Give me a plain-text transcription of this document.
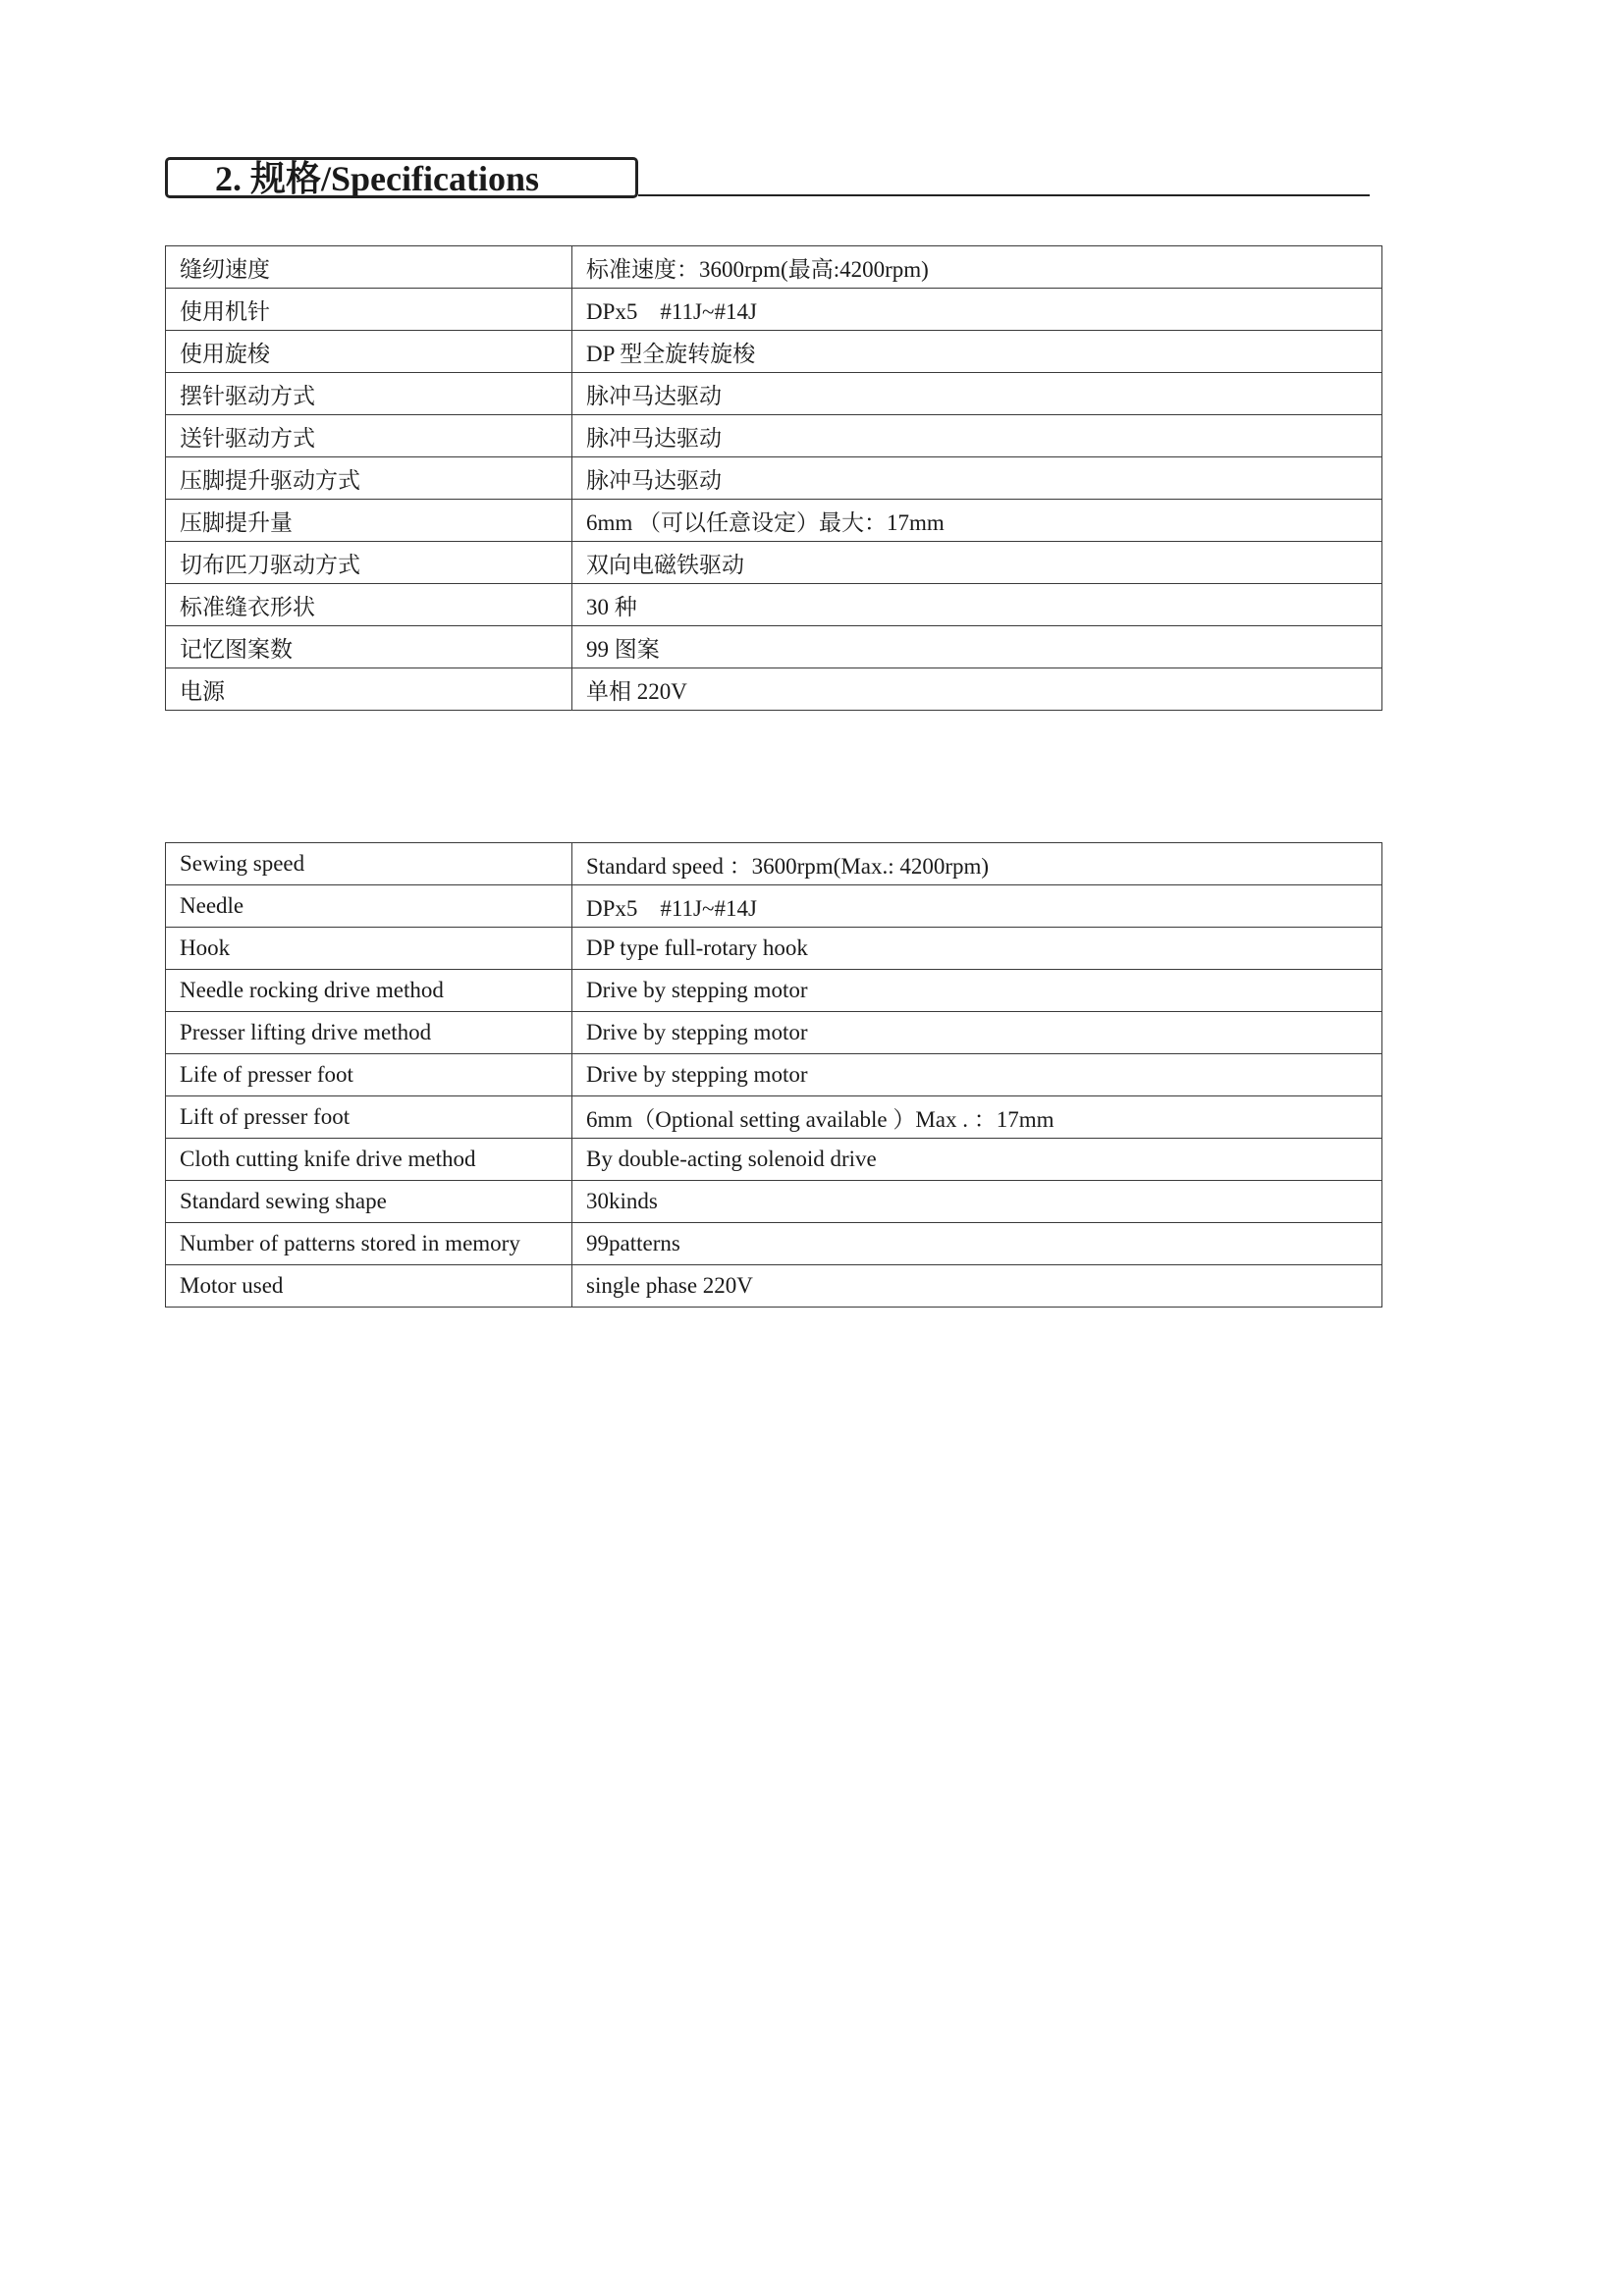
2. 规格/Specifications
缝纫速度	标准速度：3600rpm(最高:4200rpm)
使用机针	DPx5　#11J~#14J
使用旋梭	DP 型全旋转旋梭
摆针驱动方式	脉冲马达驱动
送针驱动方式	脉冲马达驱动
压脚提升驱动方式	脉冲马达驱动
压脚提升量	6mm （可以任意设定）最大：17mm
切布匹刀驱动方式	双向电磁铁驱动
标准缝衣形状	30 种
记忆图案数	99 图案
电源	单相 220V
Sewing speed	Standard speed ：3600rpm(Max.: 4200rpm)
Needle	DPx5　#11J~#14J
Hook	DP type full-rotary hook
Needle rocking drive method	Drive by stepping motor
Presser lifting drive method	Drive by stepping motor
Life of presser foot	Drive by stepping motor
Lift of presser foot	6mm（Optional setting available ）Max . ：17mm
Cloth cutting knife drive method	By double-acting solenoid drive
Standard sewing shape	30kinds
Number of patterns stored in memory	99patterns
Motor used	single phase 220V
